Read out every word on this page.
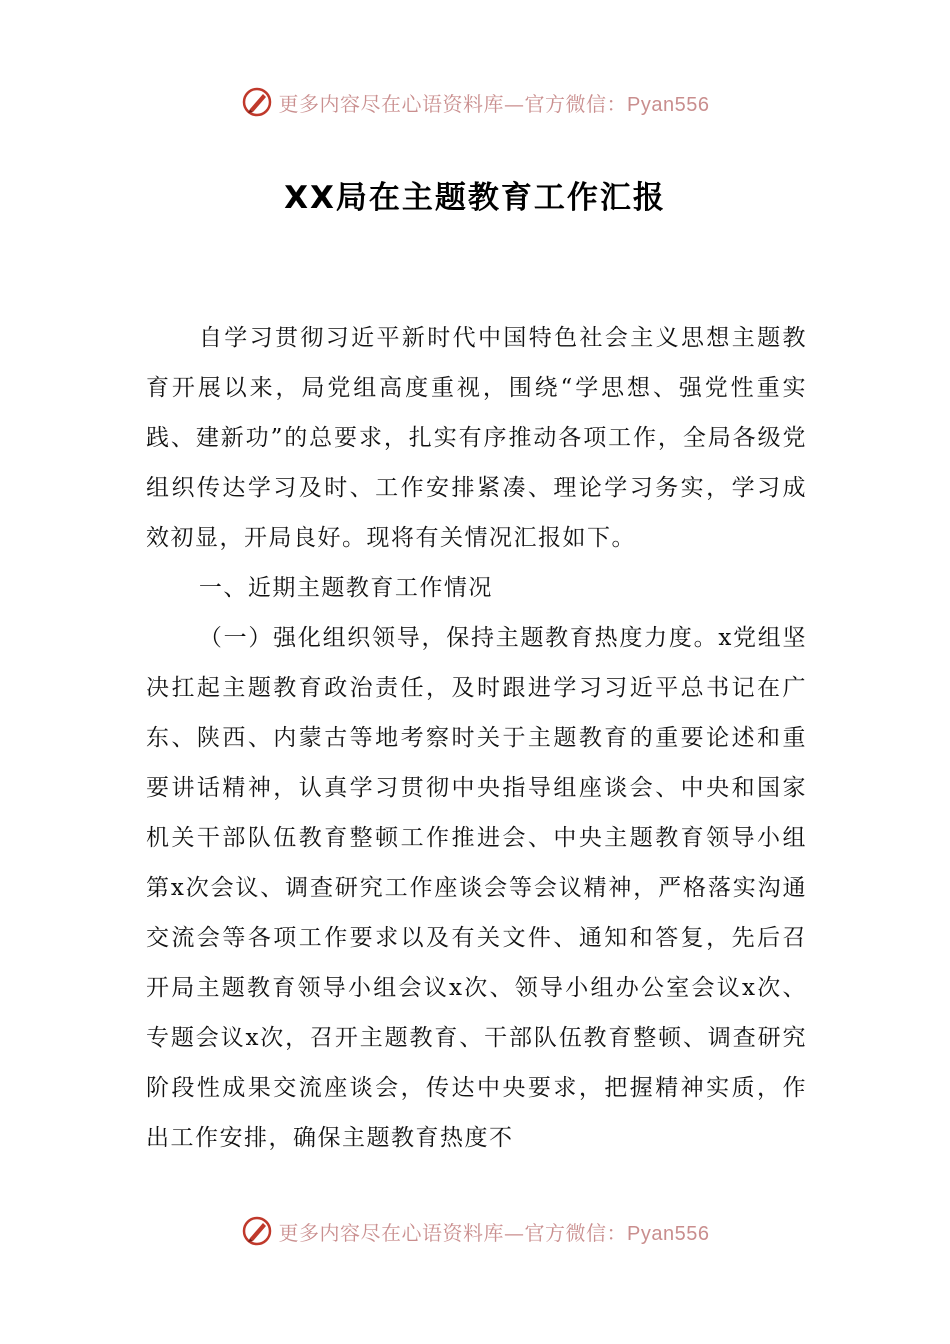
更多内容尽在心语资料库—官方微信：Pyan556
XX局在主题教育工作汇报

自学习贯彻习近平新时代中国特色社会主义思想主题教育开展以来，局党组高度重视，围绕“学思想、强党性重实践、建新功”的总要求，扎实有序推动各项工作，全局各级党组织传达学习及时、工作安排紧凑、理论学习务实，学习成效初显，开局良好。现将有关情况汇报如下。

一、近期主题教育工作情况

（一）强化组织领导，保持主题教育热度力度。x党组坚决扛起主题教育政治责任，及时跟进学习习近平总书记在广东、陕西、内蒙古等地考察时关于主题教育的重要论述和重要讲话精神，认真学习贯彻中央指导组座谈会、中央和国家机关干部队伍教育整顿工作推进会、中央主题教育领导小组第x次会议、调查研究工作座谈会等会议精神，严格落实沟通交流会等各项工作要求以及有关文件、通知和答复，先后召开局主题教育领导小组会议x次、领导小组办公室会议x次、专题会议x次，召开主题教育、干部队伍教育整顿、调查研究阶段性成果交流座谈会，传达中央要求，把握精神实质，作出工作安排，确保主题教育热度不

更多内容尽在心语资料库—官方微信：Pyan556
